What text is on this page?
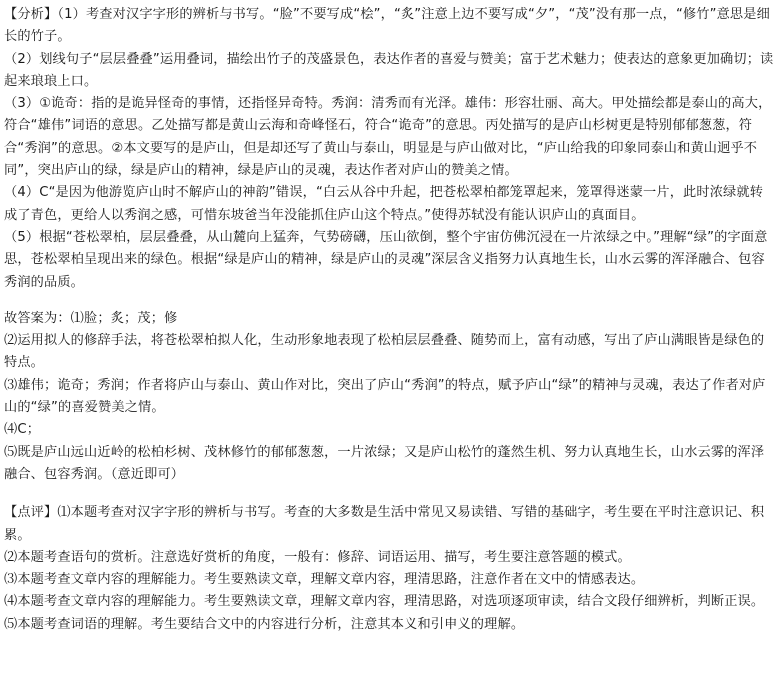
【分析】（1）考查对汉字字形的辨析与书写。“脸”不要写成“桧”，“炙”注意上边不要写成“夕”，“茂”没有那一点，“修竹”意思是细长的竹子。

（2）划线句子“层层叠叠”运用叠词，描绘出竹子的茂盛景色，表达作者的喜爱与赞美；富于艺术魅力；使表达的意象更加确切；读起来琅琅上口。

（3）①诡奇：指的是诡异怪奇的事情，还指怪异奇特。秀润：清秀而有光泽。雄伟：形容壮丽、高大。甲处描绘都是泰山的高大，符合“雄伟”词语的意思。乙处描写都是黄山云海和奇峰怪石，符合“诡奇”的意思。丙处描写的是庐山杉树更是特别郁郁葱葱，符合“秀润”的意思。②本文要写的是庐山，但是却还写了黄山与泰山，明显是与庐山做对比，“庐山给我的印象同泰山和黄山迥乎不同”，突出庐山的绿，绿是庐山的精神，绿是庐山的灵魂，表达作者对庐山的赞美之情。

（4）C“是因为他游览庐山时不解庐山的神韵”错误，“白云从谷中升起，把苍松翠柏都笼罩起来，笼罩得迷蒙一片，此时浓绿就转成了青色，更给人以秀润之感，可惜东坡爸当年没能抓住庐山这个特点。”使得苏轼没有能认识庐山的真面目。

（5）根据“苍松翠柏，层层叠叠，从山麓向上猛奔，气势磅礴，压山欲倒，整个宇宙仿佛沉浸在一片浓绿之中。”理解“绿”的字面意思，苍松翠柏呈现出来的绿色。根据“绿是庐山的精神，绿是庐山的灵魂”深层含义指努力认真地生长，山水云雾的浑泽融合、包容秀润的品质。

故答案为：⑴脸；炙；茂；修

⑵运用拟人的修辞手法，将苍松翠柏拟人化，生动形象地表现了松柏层层叠叠、随势而上，富有动感，写出了庐山满眼皆是绿色的特点。

⑶雄伟；诡奇；秀润；作者将庐山与泰山、黄山作对比，突出了庐山“秀润”的特点，赋予庐山“绿”的精神与灵魂，表达了作者对庐山的“绿”的喜爱赞美之情。

⑷C；

⑸既是庐山远山近岭的松柏杉树、茂林修竹的郁郁葱葱，一片浓绿；又是庐山松竹的蓬然生机、努力认真地生长，山水云雾的浑泽融合、包容秀润。（意近即可）

【点评】⑴本题考查对汉字字形的辨析与书写。考查的大多数是生活中常见又易读错、写错的基础字，考生要在平时注意识记、积累。

⑵本题考查语句的赏析。注意选好赏析的角度，一般有：修辞、词语运用、描写，考生要注意答题的模式。

⑶本题考查文章内容的理解能力。考生要熟读文章，理解文章内容，理清思路，注意作者在文中的情感表达。

⑷本题考查文章内容的理解能力。考生要熟读文章，理解文章内容，理清思路，对选项逐项审读，结合文段仔细辨析，判断正误。

⑸本题考查词语的理解。考生要结合文中的内容进行分析，注意其本义和引申义的理解。
